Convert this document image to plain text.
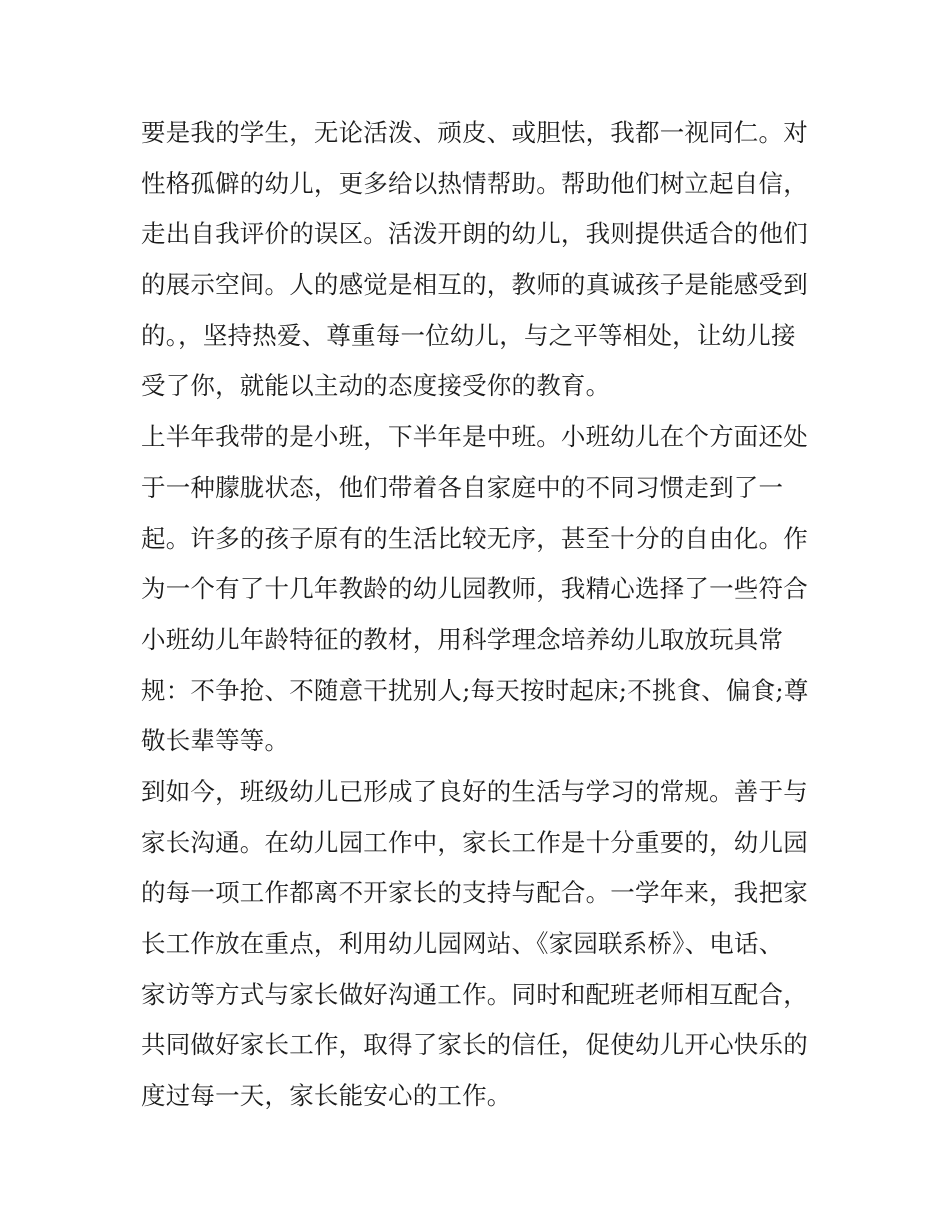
要是我的学生，无论活泼、顽皮、或胆怯，我都一视同仁。对
性格孤僻的幼儿，更多给以热情帮助。帮助他们树立起自信，
走出自我评价的误区。活泼开朗的幼儿，我则提供适合的他们
的展示空间。人的感觉是相互的，教师的真诚孩子是能感受到
的。，坚持热爱、尊重每一位幼儿，与之平等相处，让幼儿接
受了你，就能以主动的态度接受你的教育。
上半年我带的是小班，下半年是中班。小班幼儿在个方面还处
于一种朦胧状态，他们带着各自家庭中的不同习惯走到了一
起。许多的孩子原有的生活比较无序，甚至十分的自由化。作
为一个有了十几年教龄的幼儿园教师，我精心选择了一些符合
小班幼儿年龄特征的教材，用科学理念培养幼儿取放玩具常
规：不争抢、不随意干扰别人;每天按时起床;不挑食、偏食;尊
敬长辈等等。
到如今，班级幼儿已形成了良好的生活与学习的常规。善于与
家长沟通。在幼儿园工作中，家长工作是十分重要的，幼儿园
的每一项工作都离不开家长的支持与配合。一学年来，我把家
长工作放在重点，利用幼儿园网站、《家园联系桥》、电话、
家访等方式与家长做好沟通工作。同时和配班老师相互配合，
共同做好家长工作，取得了家长的信任，促使幼儿开心快乐的
度过每一天，家长能安心的工作。
